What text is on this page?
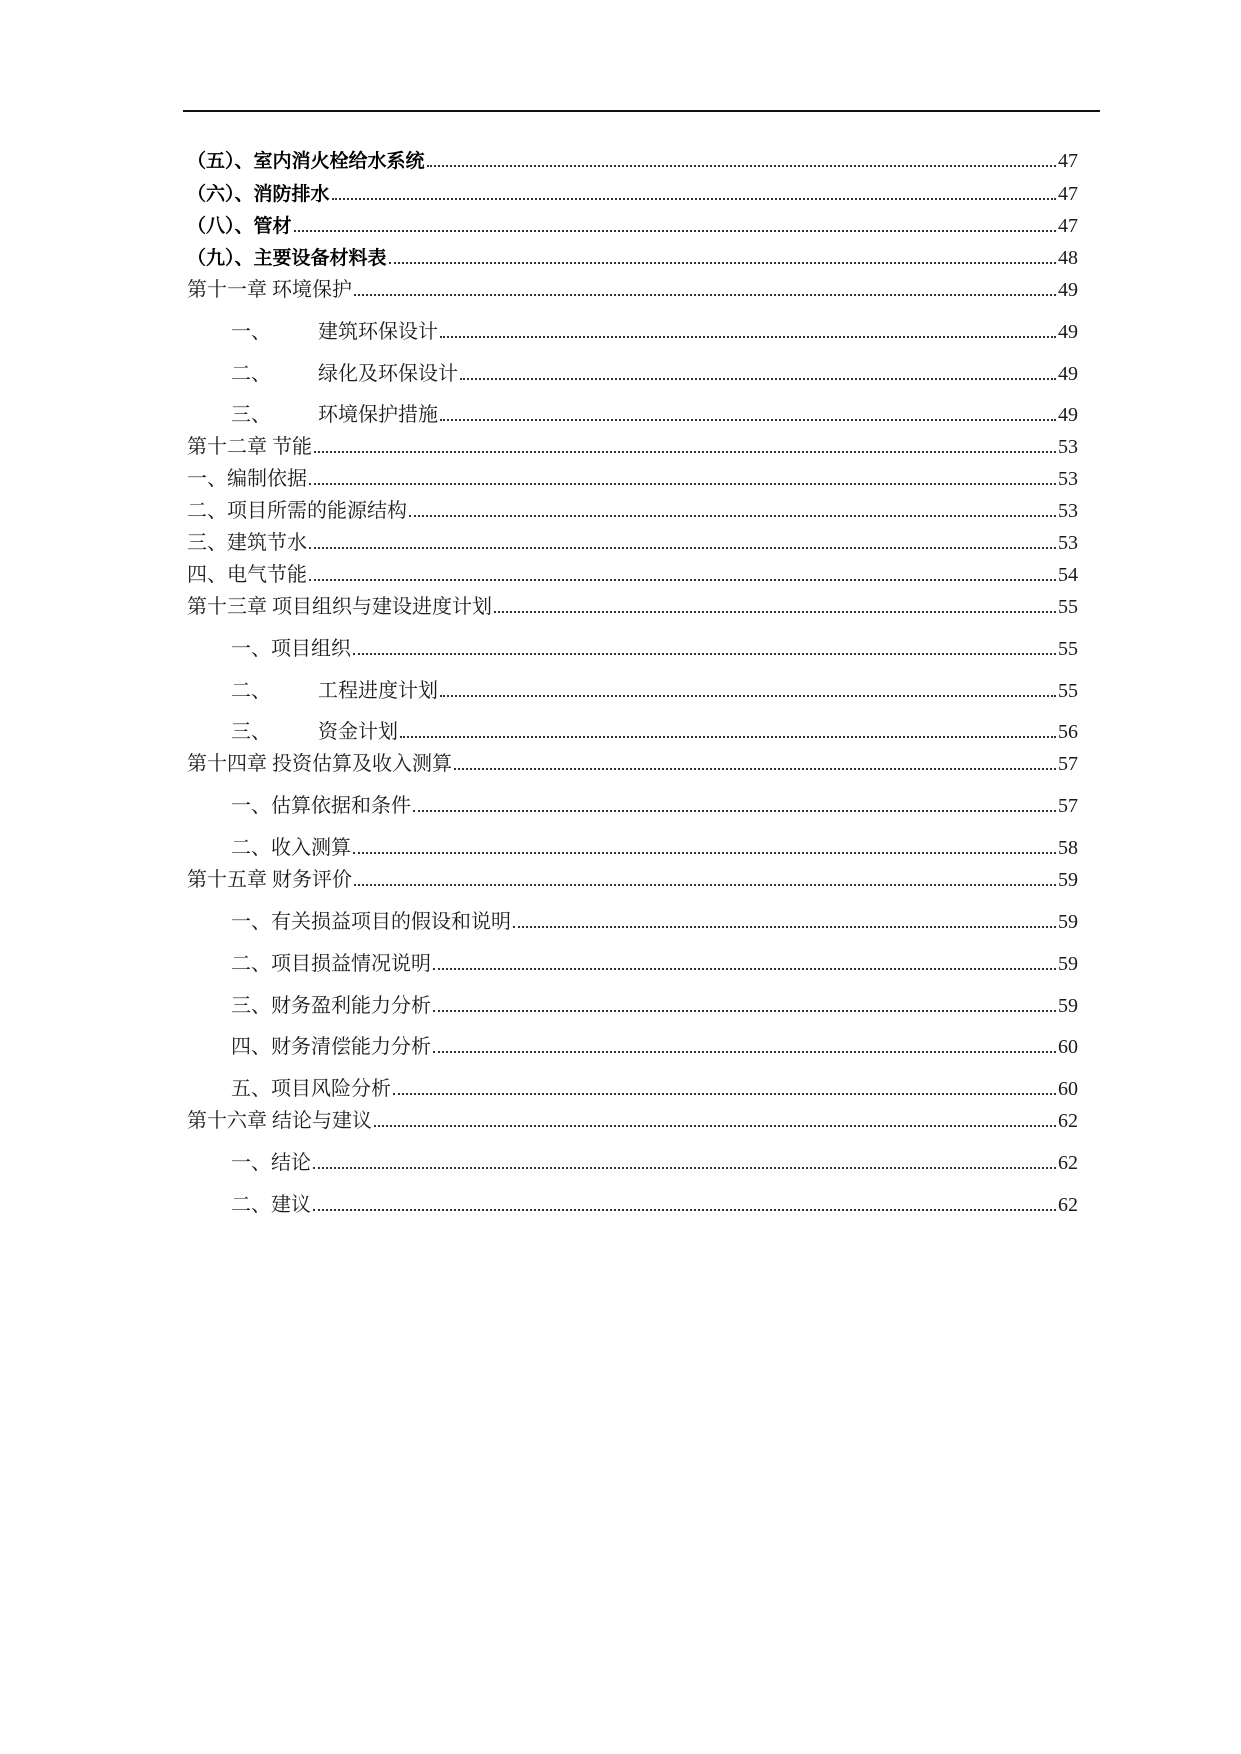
（五）、室内消火栓给水系统	47
（六）、消防排水	47
（八）、管材	47
（九）、主要设备材料表	48
第十一章 环境保护	49
一、	建筑环保设计	49
二、	绿化及环保设计	49
三、	环境保护措施	49
第十二章 节能	53
一、编制依据	53
二、项目所需的能源结构	53
三、建筑节水	53
四、电气节能	54
第十三章 项目组织与建设进度计划	55
一、项目组织	55
二、	工程进度计划	55
三、	资金计划	56
第十四章 投资估算及收入测算	57
一、估算依据和条件	57
二、收入测算	58
第十五章 财务评价	59
一、有关损益项目的假设和说明	59
二、项目损益情况说明	59
三、财务盈利能力分析	59
四、财务清偿能力分析	60
五、项目风险分析	60
第十六章 结论与建议	62
一、结论	62
二、建议	62
